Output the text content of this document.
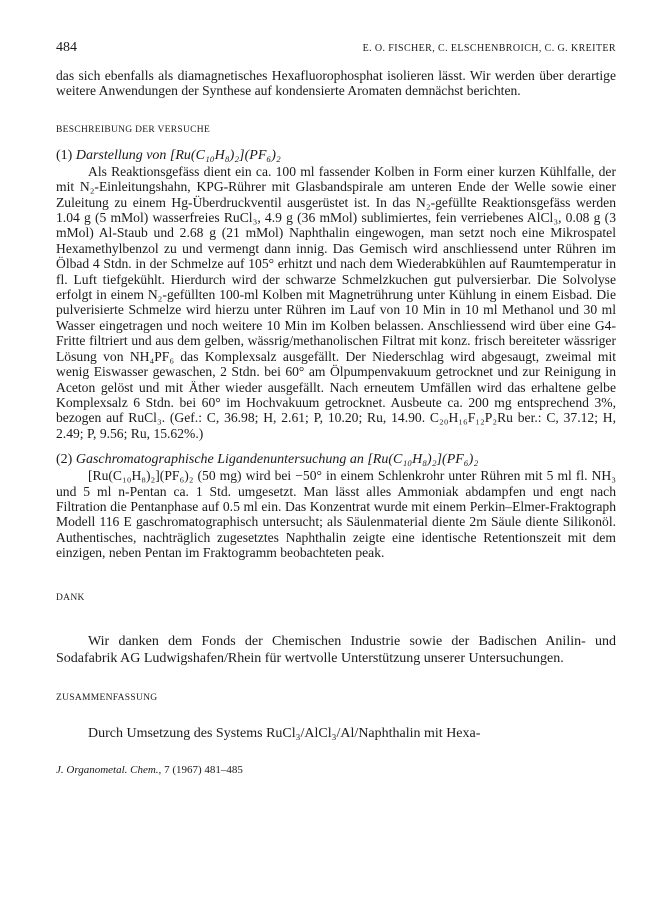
484	E. O. FISCHER, C. ELSCHENBROICH, C. G. KREITER

das sich ebenfalls als diamagnetisches Hexafluorophosphat isolieren lässt. Wir werden über derartige weitere Anwendungen der Synthese auf kondensierte Aromaten demnächst berichten.

BESCHREIBUNG DER VERSUCHE
(1) Darstellung von [Ru(C₁₀H₈)₂](PF₆)₂

Als Reaktionsgefäss dient ein ca. 100 ml fassender Kolben in Form einer kurzen Kühlfalle, der mit N₂-Einleitungshahn, KPG-Rührer mit Glasbandspirale am unteren Ende der Welle sowie einer Zuleitung zu einem Hg-Überdruckventil ausgerüstet ist. In das N₂-gefüllte Reaktionsgefäss werden 1.04 g (5 mMol) wasserfreies RuCl₃, 4.9 g (36 mMol) sublimiertes, fein verriebenes AlCl₃, 0.08 g (3 mMol) Al-Staub und 2.68 g (21 mMol) Naphthalin eingewogen, man setzt noch eine Mikrospatel Hexamethylbenzol zu und vermengt dann innig. Das Gemisch wird anschliessend unter Rühren im Ölbad 4 Stdn. in der Schmelze auf 105° erhitzt und nach dem Wiederabkühlen auf Raumtemperatur in fl. Luft tiefgekühlt. Hierdurch wird der schwarze Schmelzkuchen gut pulversierbar. Die Solvolyse erfolgt in einem N₂-gefüllten 100-ml Kolben mit Magnetrührung unter Kühlung in einem Eisbad. Die pulverisierte Schmelze wird hierzu unter Rühren im Lauf von 10 Min in 10 ml Methanol und 30 ml Wasser eingetragen und noch weitere 10 Min im Kolben belassen. Anschliessend wird über eine G4-Fritte filtriert und aus dem gelben, wässrig/methanolischen Filtrat mit konz. frisch bereiteter wässriger Lösung von NH₄PF₆ das Komplexsalz ausgefällt. Der Niederschlag wird abgesaugt, zweimal mit wenig Eiswasser gewaschen, 2 Stdn. bei 60° am Ölpumpenvakuum getrocknet und zur Reinigung in Aceton gelöst und mit Äther wieder ausgefällt. Nach erneutem Umfällen wird das erhaltene gelbe Komplexsalz 6 Stdn. bei 60° im Hochvakuum getrocknet. Ausbeute ca. 200 mg entsprechend 3%, bezogen auf RuCl₃. (Gef.: C, 36.98; H, 2.61; P, 10.20; Ru, 14.90. C₂₀H₁₆F₁₂P₂Ru ber.: C, 37.12; H, 2.49; P, 9.56; Ru, 15.62%.)

(2) Gaschromatographische Ligandenuntersuchung an [Ru(C₁₀H₈)₂](PF₆)₂

[Ru(C₁₀H₈)₂](PF₆)₂ (50 mg) wird bei −50° in einem Schlenkrohr unter Rühren mit 5 ml fl. NH₃ und 5 ml n-Pentan ca. 1 Std. umgesetzt. Man lässt alles Ammoniak abdampfen und engt nach Filtration die Pentanphase auf 0.5 ml ein. Das Konzentrat wurde mit einem Perkin–Elmer-Fraktograph Modell 116 E gaschromatographisch untersucht; als Säulenmaterial diente 2m Säule diente Silikonöl. Authentisches, nachträglich zugesetztes Naphthalin zeigte eine identische Retentionszeit mit dem einzigen, neben Pentan im Fraktogramm beobachteten peak.

DANK

Wir danken dem Fonds der Chemischen Industrie sowie der Badischen Anilin- und Sodafabrik AG Ludwigshafen/Rhein für wertvolle Unterstützung unserer Untersuchungen.

ZUSAMMENFASSUNG

Durch Umsetzung des Systems RuCl₃/AlCl₃/Al/Naphthalin mit Hexa-

J. Organometal. Chem., 7 (1967) 481–485
